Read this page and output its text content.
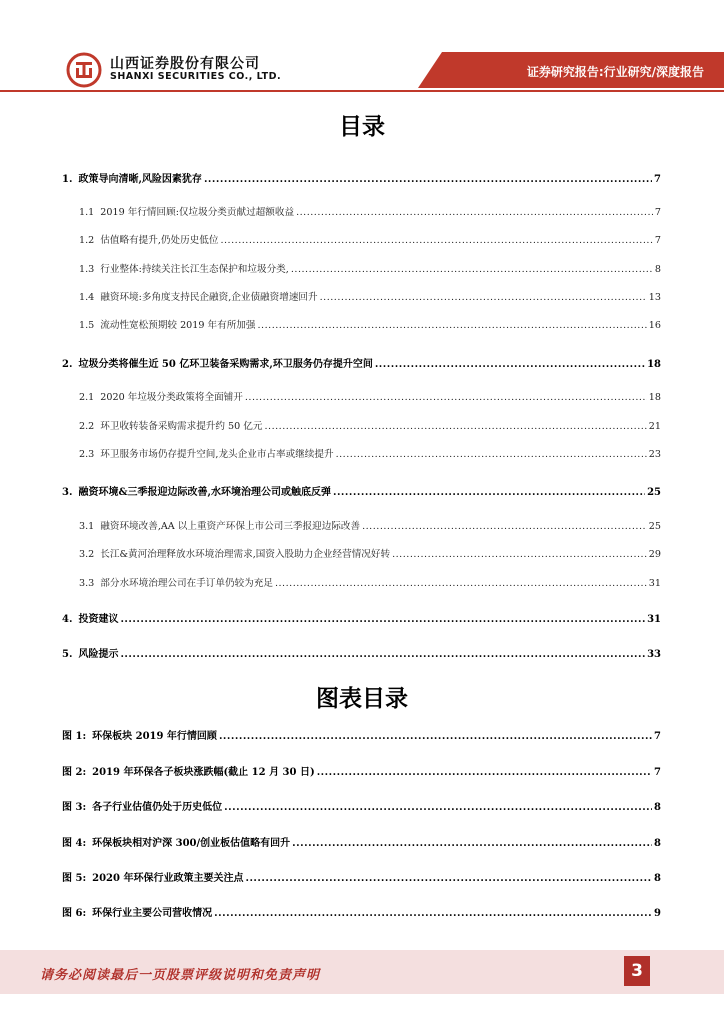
山西证券股份有限公司
SHANXI SECURITIES CO., LTD.	证券研究报告:行业研究/深度报告
目录
1. 政策导向清晰,风险因素犹存 .....	7
1.1 2019 年行情回顾:仅垃圾分类贡献过超额收益 .....	7
1.2 估值略有提升,仍处历史低位 .....	7
1.3 行业整体:持续关注长江生态保护和垃圾分类, .....	8
1.4 融资环境:多角度支持民企融资,企业债融资增速回升 .....	13
1.5 流动性宽松预期较 2019 年有所加强 .....	16
2. 垃圾分类将催生近 50 亿环卫装备采购需求,环卫服务仍存提升空间 .....	18
2.1 2020 年垃圾分类政策将全面铺开 .....	18
2.2 环卫收转装备采购需求提升约 50 亿元 .....	21
2.3 环卫服务市场仍存提升空间,龙头企业市占率或继续提升 .....	23
3. 融资环境&三季报迎边际改善,水环境治理公司或触底反弹 .....	25
3.1 融资环境改善,AA 以上重资产环保上市公司三季报迎边际改善 .....	25
3.2 长江&黄河治理释放水环境治理需求,国资入股助力企业经营情况好转 .....	29
3.3 部分水环境治理公司在手订单仍较为充足 .....	31
4. 投资建议 .....	31
5. 风险提示 .....	33
图表目录
图 1: 环保板块 2019 年行情回顾 .....	7
图 2: 2019 年环保各子板块涨跌幅(截止 12 月 30 日) .....	7
图 3: 各子行业估值仍处于历史低位 .....	8
图 4: 环保板块相对沪深 300/创业板估值略有回升 .....	8
图 5: 2020 年环保行业政策主要关注点 .....	8
图 6: 环保行业主要公司营收情况 .....	9
请务必阅读最后一页股票评级说明和免责声明	3
